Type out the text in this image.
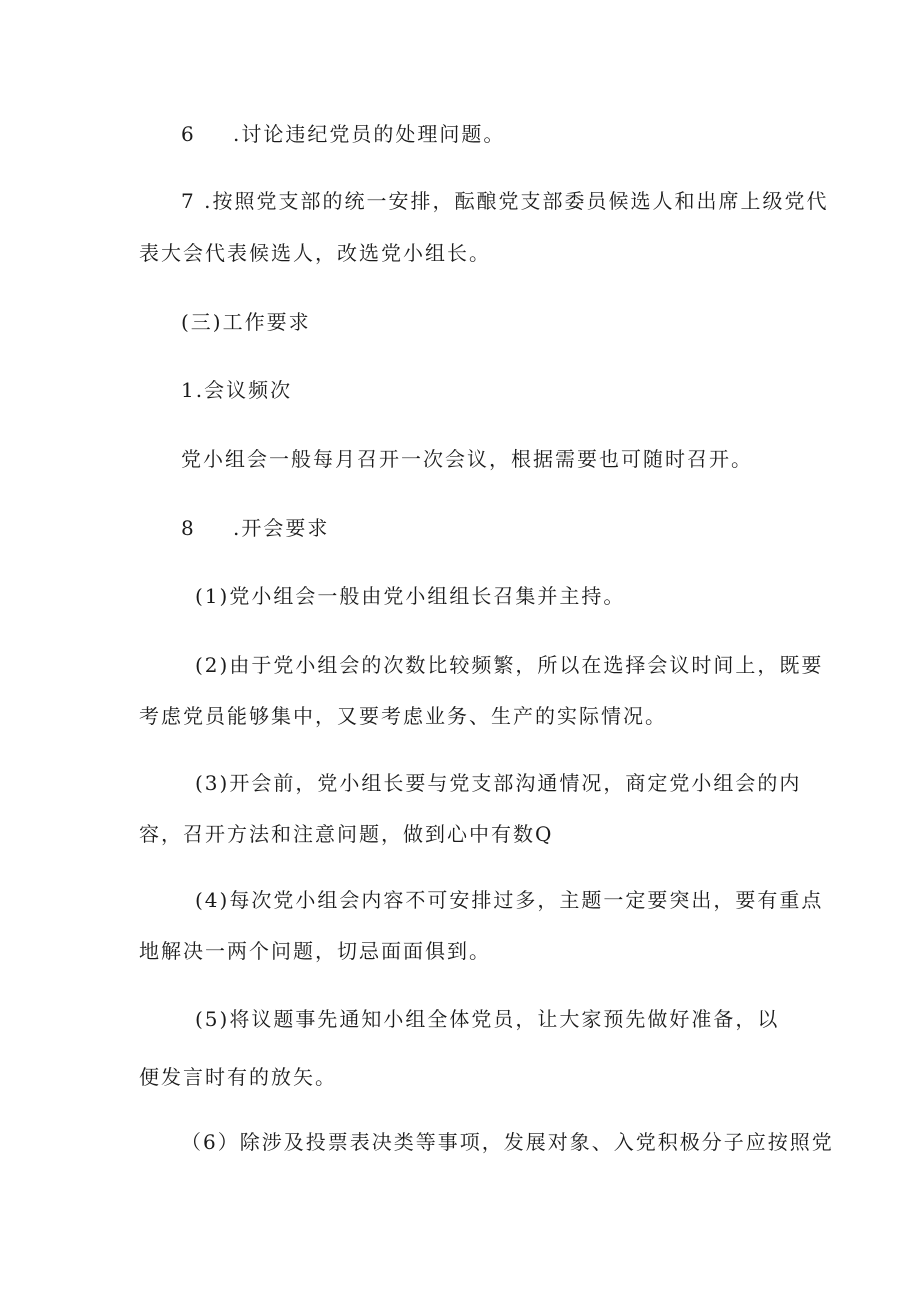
6 .讨论违纪党员的处理问题。
7 .按照党支部的统一安排，酝酿党支部委员候选人和出席上级党代
表大会代表候选人，改选党小组长。
(三)工作要求
1.会议频次
党小组会一般每月召开一次会议，根据需要也可随时召开。
8 .开会要求
(1)党小组会一般由党小组组长召集并主持。
(2)由于党小组会的次数比较频繁，所以在选择会议时间上，既要
考虑党员能够集中，又要考虑业务、生产的实际情况。
(3)开会前，党小组长要与党支部沟通情况，商定党小组会的内
容，召开方法和注意问题，做到心中有数Q
(4)每次党小组会内容不可安排过多，主题一定要突出，要有重点
地解决一两个问题，切忌面面俱到。
(5)将议题事先通知小组全体党员，让大家预先做好准备，以
便发言时有的放矢。
（6）除涉及投票表决类等事项，发展对象、入党积极分子应按照党
